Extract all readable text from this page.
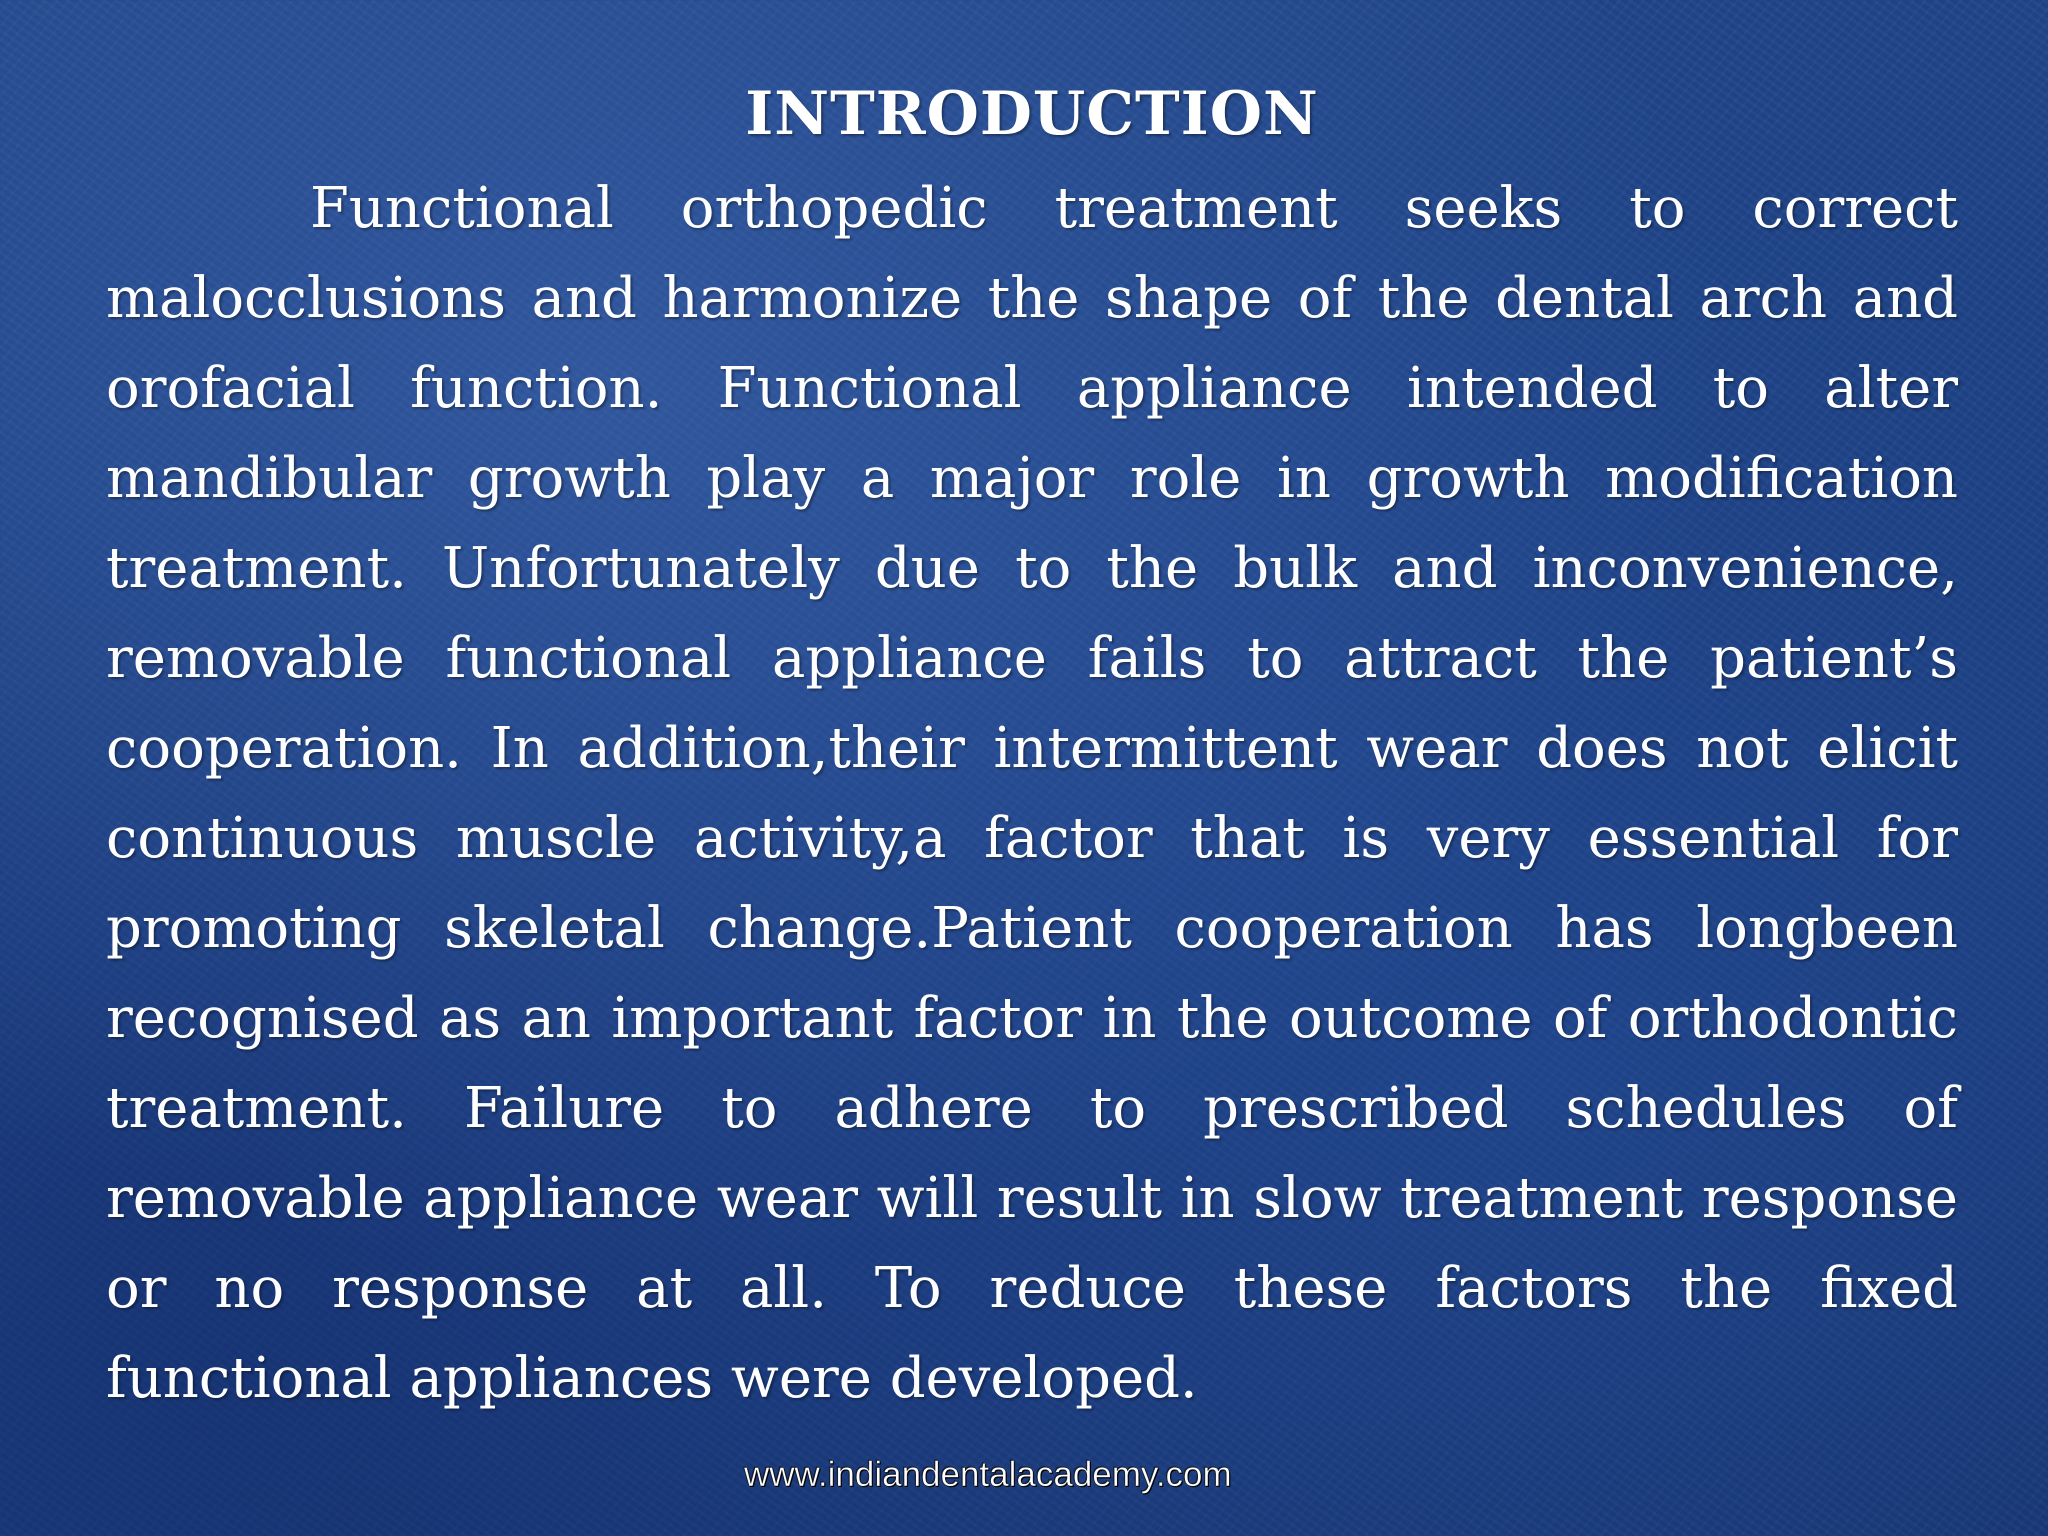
INTRODUCTION

Functional orthopedic treatment seeks to correct malocclusions and harmonize the shape of the dental arch and orofacial function. Functional appliance intended to alter mandibular growth play a major role in growth modification treatment. Unfortunately due to the bulk and inconvenience, removable functional appliance fails to attract the patient’s cooperation. In addition,their intermittent wear does not elicit continuous muscle activity,a factor that is very essential for promoting skeletal change.Patient cooperation has longbeen recognised as an important factor in the outcome of orthodontic treatment. Failure to adhere to prescribed schedules of removable appliance wear will result in slow treatment response or no response at all. To reduce these factors the fixed functional appliances were developed.

www.indiandentalacademy.com
